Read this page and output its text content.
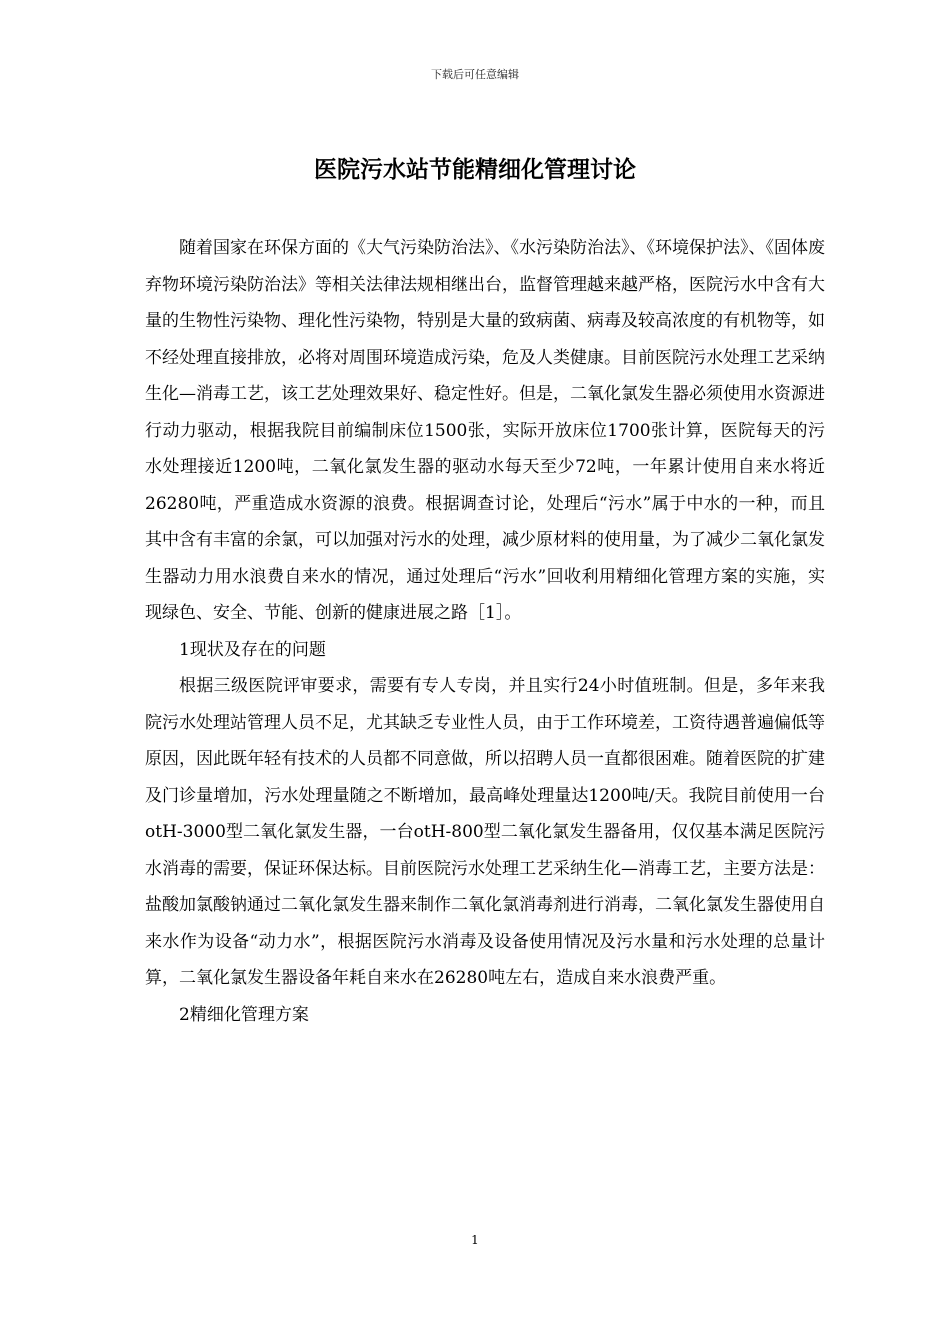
下载后可任意编辑
医院污水站节能精细化管理讨论

随着国家在环保方面的《大气污染防治法》、《水污染防治法》、《环境保护法》、《固体废弃物环境污染防治法》等相关法律法规相继出台，监督管理越来越严格，医院污水中含有大量的生物性污染物、理化性污染物，特别是大量的致病菌、病毒及较高浓度的有机物等，如不经处理直接排放，必将对周围环境造成污染，危及人类健康。目前医院污水处理工艺采纳生化—消毒工艺，该工艺处理效果好、稳定性好。但是，二氧化氯发生器必须使用水资源进行动力驱动，根据我院目前编制床位1500张，实际开放床位1700张计算，医院每天的污水处理接近1200吨，二氧化氯发生器的驱动水每天至少72吨，一年累计使用自来水将近26280吨，严重造成水资源的浪费。根据调查讨论，处理后“污水”属于中水的一种，而且其中含有丰富的余氯，可以加强对污水的处理，减少原材料的使用量，为了减少二氧化氯发生器动力用水浪费自来水的情况，通过处理后“污水”回收利用精细化管理方案的实施，实现绿色、安全、节能、创新的健康进展之路［1］。

1现状及存在的问题

根据三级医院评审要求，需要有专人专岗，并且实行24小时值班制。但是，多年来我院污水处理站管理人员不足，尤其缺乏专业性人员，由于工作环境差，工资待遇普遍偏低等原因，因此既年轻有技术的人员都不同意做，所以招聘人员一直都很困难。随着医院的扩建及门诊量增加，污水处理量随之不断增加，最高峰处理量达1200吨/天。我院目前使用一台otH-3000型二氧化氯发生器，一台otH-800型二氧化氯发生器备用，仅仅基本满足医院污水消毒的需要，保证环保达标。目前医院污水处理工艺采纳生化—消毒工艺，主要方法是：盐酸加氯酸钠通过二氧化氯发生器来制作二氧化氯消毒剂进行消毒，二氧化氯发生器使用自来水作为设备“动力水”，根据医院污水消毒及设备使用情况及污水量和污水处理的总量计算，二氧化氯发生器设备年耗自来水在26280吨左右，造成自来水浪费严重。

2精细化管理方案
1
